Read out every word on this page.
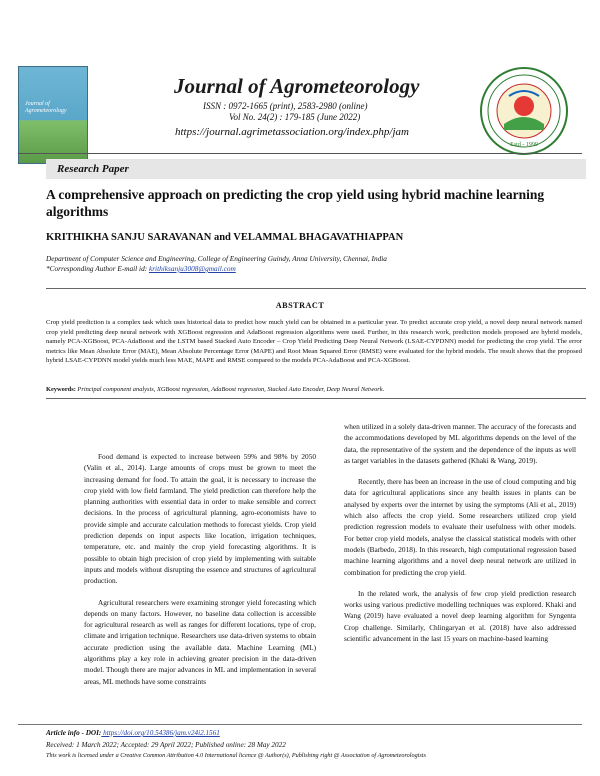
Journal of Agrometeorology
Journal of Agrometeorology
ISSN : 0972-1665 (print), 2583-2980 (online)
Vol No. 24(2) : 179-185 (June 2022)
https://journal.agrimetassociation.org/index.php/jam
Estd - 1999
Research Paper
A comprehensive approach on predicting the crop yield using hybrid machine learning algorithms
KRITHIKHA SANJU SARAVANAN and VELAMMAL BHAGAVATHIAPPAN
Department of Computer Science and Engineering, College of Engineering Guindy, Anna University, Chennai, India
*Corresponding Author E-mail id: krithiksanju3008@gmail.com
ABSTRACT
Crop yield prediction is a complex task which uses historical data to predict how much yield can be obtained in a particular year. To predict accurate crop yield, a novel deep neural network named crop yield predicting deep neural network with XGBoost regression and AdaBoost regression algorithms were used. Further, in this research work, prediction models proposed are hybrid models, namely PCA-XGBoost, PCA-AdaBoost and the LSTM based Stacked Auto Encoder – Crop Yield Predicting Deep Neural Network (LSAE-CYPDNN) model for predicting the crop yield. The error metrics like Mean Absolute Error (MAE), Mean Absolute Percentage Error (MAPE) and Root Mean Squared Error (RMSE) were evaluated for the hybrid models. The result shows that the proposed hybrid LSAE-CYPDNN model yields much less MAE, MAPE and RMSE compared to the models PCA-AdaBoost and PCA-XGBoost.
Keywords: Principal component analysis, XGBoost regression, AdaBoost regression, Stacked Auto Encoder, Deep Neural Network.

Food demand is expected to increase between 59% and 98% by 2050 (Valin et al., 2014). Large amounts of crops must be grown to meet the increasing demand for food. To attain the goal, it is necessary to increase the crop yield with low field farmland. The yield prediction can therefore help the planning authorities with essential data in order to make sensible and correct decisions. In the process of agricultural planning, agro-economists have to provide simple and accurate calculation methods to forecast yields. Crop yield prediction depends on input aspects like location, irrigation techniques, temperature, etc. and mainly the crop yield forecasting algorithms. It is possible to obtain high precision of crop yield by implementing with suitable inputs and models without disrupting the essence and structures of agricultural production.

Agricultural researchers were examining stronger yield forecasting which depends on many factors. However, no baseline data collection is accessible for agricultural research as well as ranges for different locations, type of crop, climate and irrigation technique. Researchers use data-driven systems to obtain accurate prediction using the available data. Machine Learning (ML) algorithms play a key role in achieving greater precision in the data-driven model. Though there are major advances in ML and implementation in several areas, ML methods have some constraints

when utilized in a solely data-driven manner. The accuracy of the forecasts and the accommodations developed by ML algorithms depends on the level of the data, the representative of the system and the dependence of the inputs as well as target variables in the datasets gathered (Khaki & Wang, 2019).

Recently, there has been an increase in the use of cloud computing and big data for agricultural applications since any health issues in plants can be analysed by experts over the internet by using the symptoms (Ali et al., 2019) which also affects the crop yield. Some researchers utilized crop yield prediction regression models to evaluate their usefulness with other models. For better crop yield models, analyse the classical statistical models with other models (Barbedo, 2018). In this research, high computational regression based machine learning algorithms and a novel deep neural network are utilized in combination for predicting the crop yield.

In the related work, the analysis of few crop yield prediction research works using various predictive modelling techniques was explored. Khaki and Wang (2019) have evaluated a novel deep learning algorithm for Syngenta Crop challenge. Similarly, Chlingaryan et al. (2018) have also addressed scientific advancement in the last 15 years on machine-based learning

Article info - DOI: https://doi.org/10.54386/jam.v24i2.1561
Received: 1 March 2022; Accepted: 29 April 2022; Published online: 28 May 2022
This work is licensed under a Creative Common Attribution 4.0 International licence @ Author(s), Publishing right @ Association of Agrometeorologists
